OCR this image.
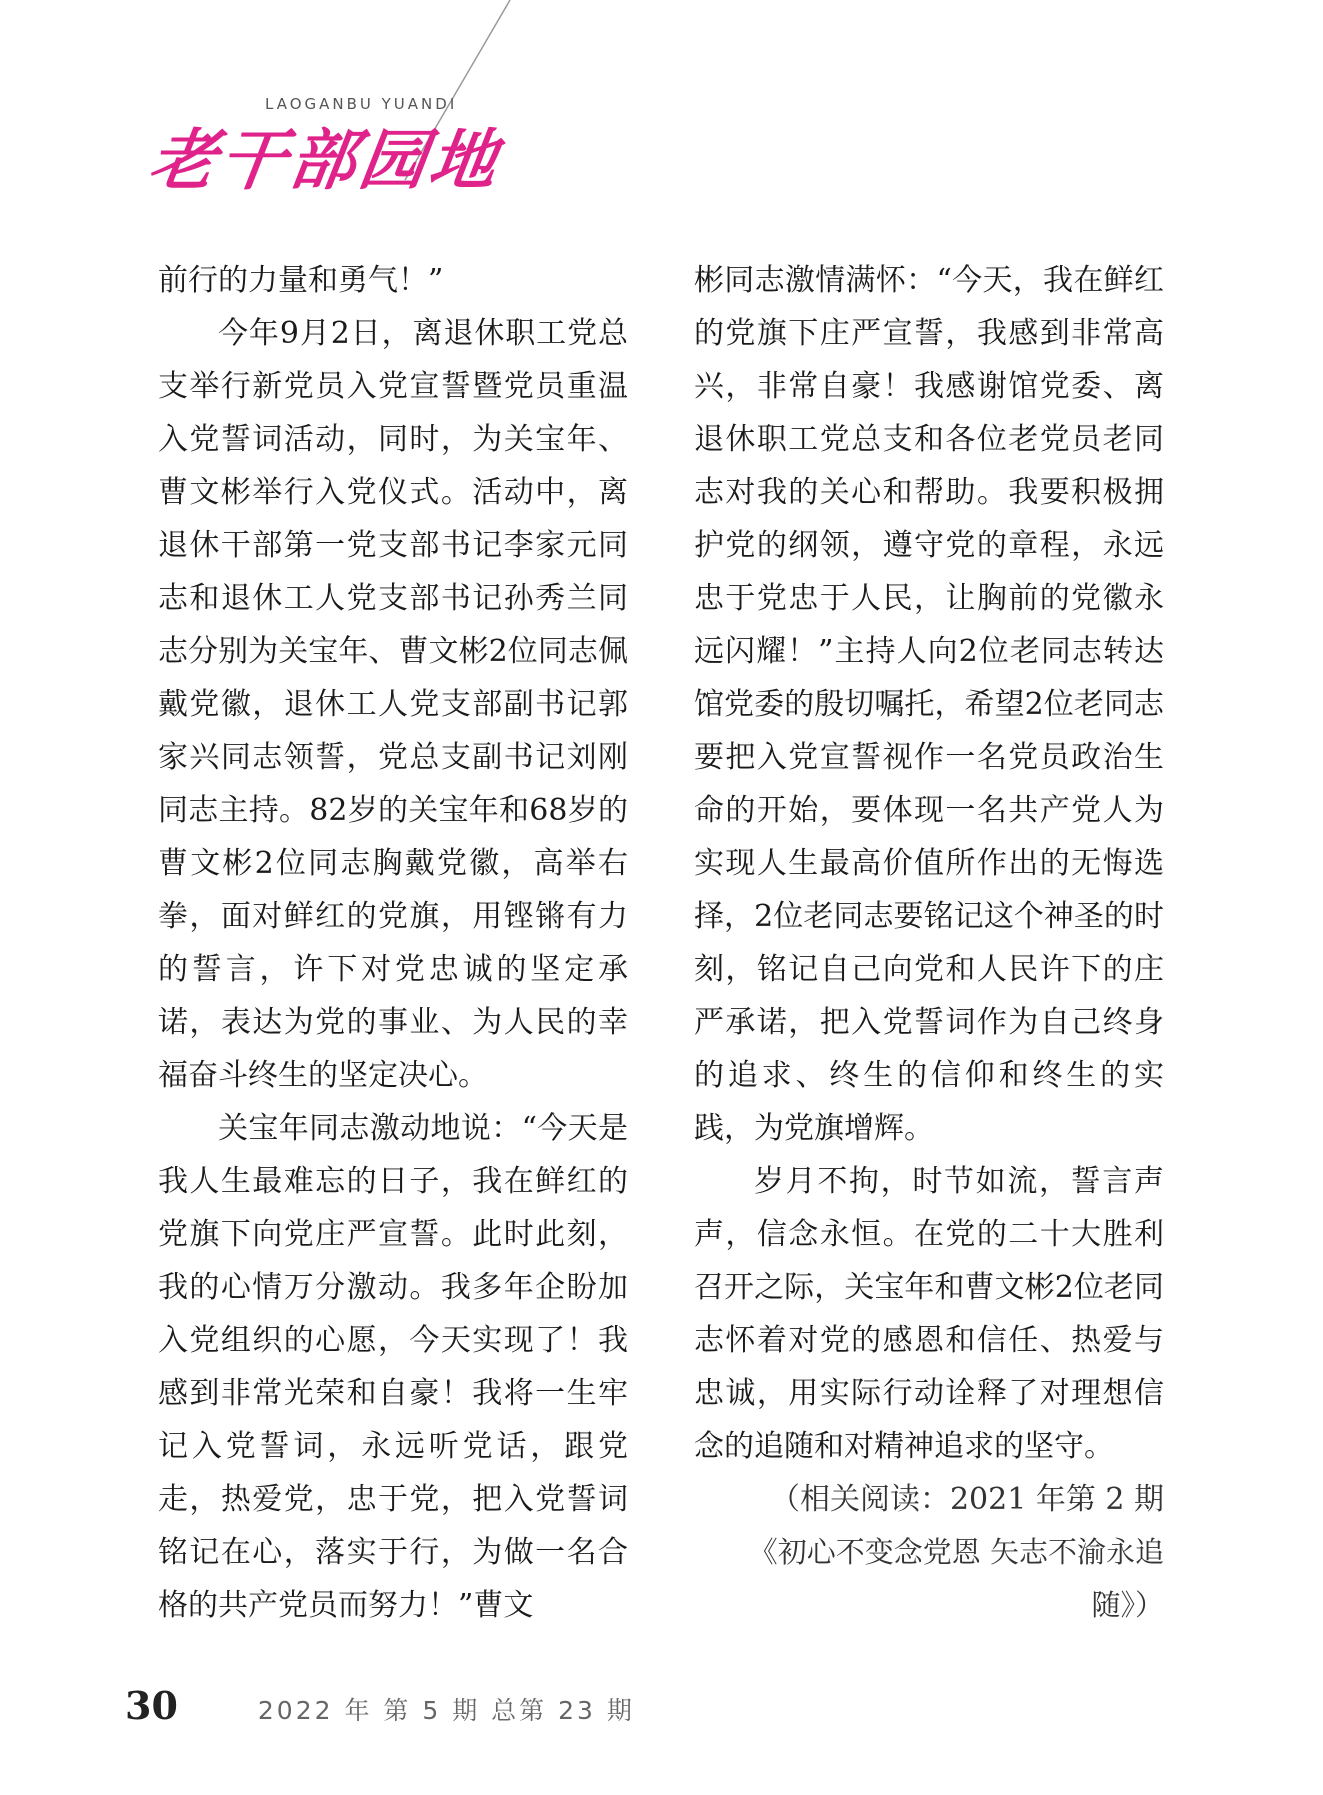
LAOGANBU YUANDI
老干部园地

前行的力量和勇气！”

今年9月2日，离退休职工党总支举行新党员入党宣誓暨党员重温入党誓词活动，同时，为关宝年、曹文彬举行入党仪式。活动中，离退休干部第一党支部书记李家元同志和退休工人党支部书记孙秀兰同志分别为关宝年、曹文彬2位同志佩戴党徽，退休工人党支部副书记郭家兴同志领誓，党总支副书记刘刚同志主持。82岁的关宝年和68岁的曹文彬2位同志胸戴党徽，高举右拳，面对鲜红的党旗，用铿锵有力的誓言，许下对党忠诚的坚定承诺，表达为党的事业、为人民的幸福奋斗终生的坚定决心。

关宝年同志激动地说：“今天是我人生最难忘的日子，我在鲜红的党旗下向党庄严宣誓。此时此刻，我的心情万分激动。我多年企盼加入党组织的心愿，今天实现了！我感到非常光荣和自豪！我将一生牢记入党誓词，永远听党话，跟党走，热爱党，忠于党，把入党誓词铭记在心，落实于行，为做一名合格的共产党员而努力！”曹文

彬同志激情满怀：“今天，我在鲜红的党旗下庄严宣誓，我感到非常高兴，非常自豪！我感谢馆党委、离退休职工党总支和各位老党员老同志对我的关心和帮助。我要积极拥护党的纲领，遵守党的章程，永远忠于党忠于人民，让胸前的党徽永远闪耀！”主持人向2位老同志转达馆党委的殷切嘱托，希望2位老同志要把入党宣誓视作一名党员政治生命的开始，要体现一名共产党人为实现人生最高价值所作出的无悔选择，2位老同志要铭记这个神圣的时刻，铭记自己向党和人民许下的庄严承诺，把入党誓词作为自己终身的追求、终生的信仰和终生的实践，为党旗增辉。

岁月不拘，时节如流，誓言声声，信念永恒。在党的二十大胜利召开之际，关宝年和曹文彬2位老同志怀着对党的感恩和信任、热爱与忠诚，用实际行动诠释了对理想信念的追随和对精神追求的坚守。

（相关阅读：2021 年第 2 期
《初心不变念党恩 矢志不渝永追随》）

30	2022 年 第 5 期 总第 23 期
